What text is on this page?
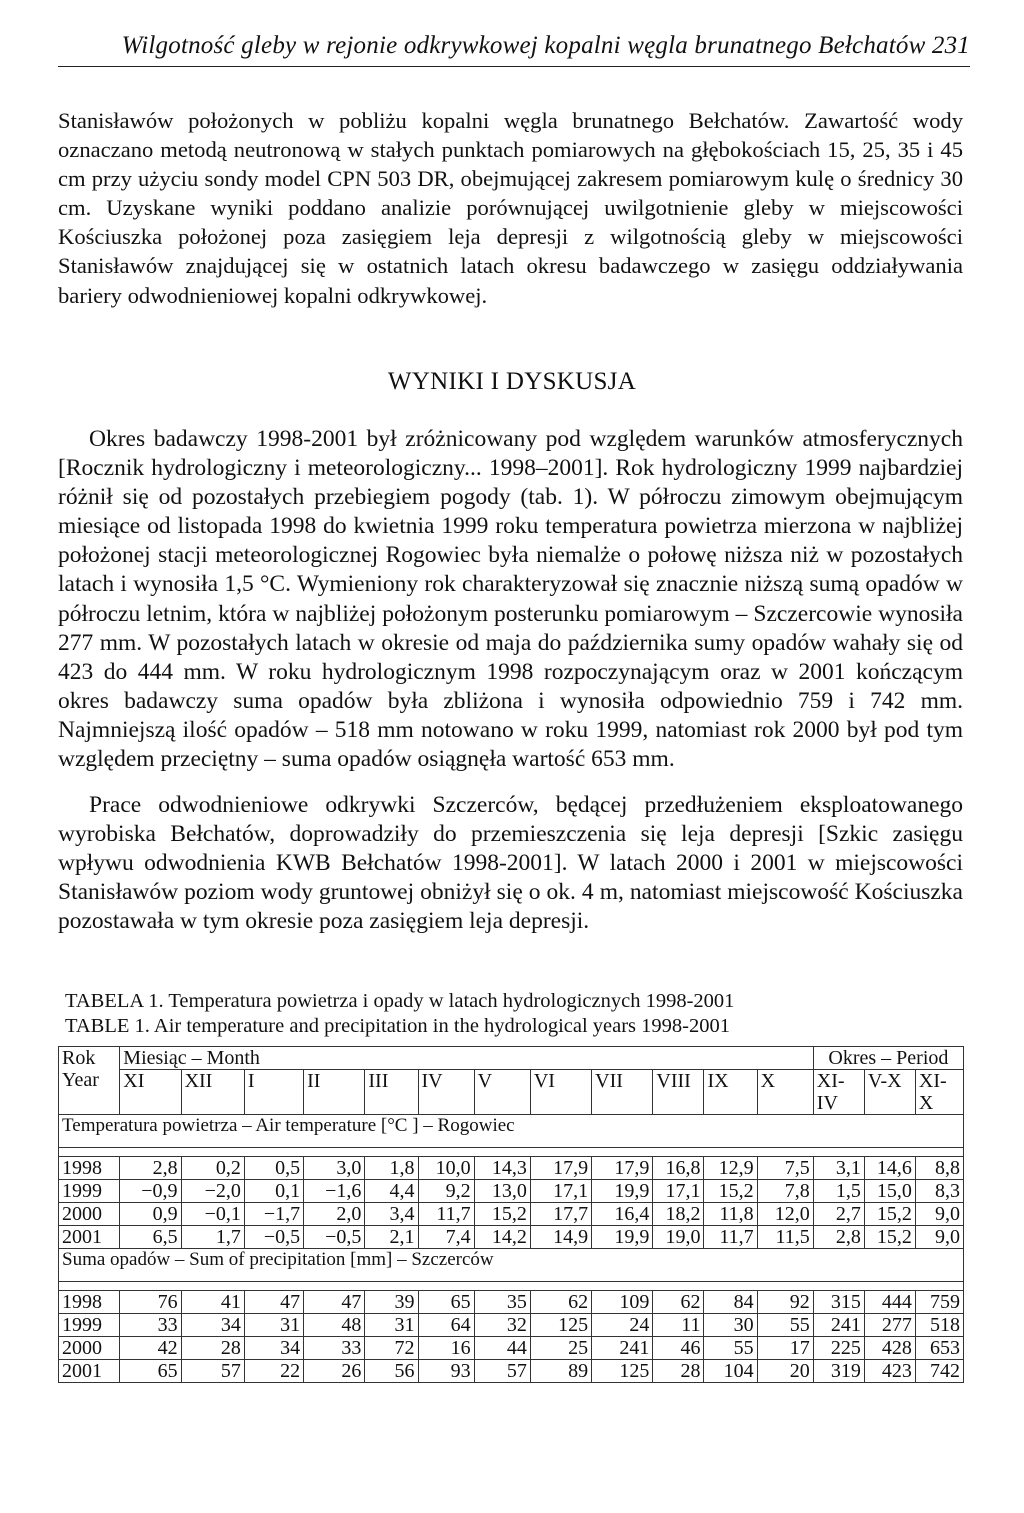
Wilgotność gleby w rejonie odkrywkowej kopalni węgla brunatnego Bełchatów 231

Stanisławów położonych w pobliżu kopalni węgla brunatnego Bełchatów. Zawartość wody oznaczano metodą neutronową w stałych punktach pomiarowych na głębokościach 15, 25, 35 i 45 cm przy użyciu sondy model CPN 503 DR, obejmującej zakresem pomiarowym kulę o średnicy 30 cm. Uzyskane wyniki poddano analizie porównującej uwilgotnienie gleby w miejscowości Kościuszka położonej poza zasięgiem leja depresji z wilgotnością gleby w miejscowości Stanisławów znajdującej się w ostatnich latach okresu badawczego w zasięgu oddziaływania bariery odwodnieniowej kopalni odkrywkowej.

WYNIKI I DYSKUSJA

Okres badawczy 1998-2001 był zróżnicowany pod względem warunków atmosferycznych [Rocznik hydrologiczny i meteorologiczny... 1998–2001]. Rok hydrologiczny 1999 najbardziej różnił się od pozostałych przebiegiem pogody (tab. 1). W półroczu zimowym obejmującym miesiące od listopada 1998 do kwietnia 1999 roku temperatura powietrza mierzona w najbliżej położonej stacji meteorologicznej Rogowiec była niemalże o połowę niższa niż w pozostałych latach i wynosiła 1,5 °C. Wymieniony rok charakteryzował się znacznie niższą sumą opadów w półroczu letnim, która w najbliżej położonym posterunku pomiarowym – Szczercowie wynosiła 277 mm. W pozostałych latach w okresie od maja do października sumy opadów wahały się od 423 do 444 mm. W roku hydrologicznym 1998 rozpoczynającym oraz w 2001 kończącym okres badawczy suma opadów była zbliżona i wynosiła odpowiednio 759 i 742 mm. Najmniejszą ilość opadów – 518 mm notowano w roku 1999, natomiast rok 2000 był pod tym względem przeciętny – suma opadów osiągnęła wartość 653 mm.

Prace odwodnieniowe odkrywki Szczerców, będącej przedłużeniem eksploatowanego wyrobiska Bełchatów, doprowadziły do przemieszczenia się leja depresji [Szkic zasięgu wpływu odwodnienia KWB Bełchatów 1998-2001]. W latach 2000 i 2001 w miejscowości Stanisławów poziom wody gruntowej obniżył się o ok. 4 m, natomiast miejscowość Kościuszka pozostawała w tym okresie poza zasięgiem leja depresji.

TABELA 1. Temperatura powietrza i opady w latach hydrologicznych 1998-2001
TABLE 1. Air temperature and precipitation in the hydrological years 1998-2001
Rok Year	Miesiąc – Month												Okres – Period		
	XI	XII	I	II	III	IV	V	VI	VII	VIII	IX	X	XI-IV	V-X	XI-X
Temperatura powietrza – Air temperature [°C ] – Rogowiec															

1998	2,8	0,2	0,5	3,0	1,8	10,0	14,3	17,9	17,9	16,8	12,9	7,5	3,1	14,6	8,8
1999	−0,9	−2,0	0,1	−1,6	4,4	9,2	13,0	17,1	19,9	17,1	15,2	7,8	1,5	15,0	8,3
2000	0,9	−0,1	−1,7	2,0	3,4	11,7	15,2	17,7	16,4	18,2	11,8	12,0	2,7	15,2	9,0
2001	6,5	1,7	−0,5	−0,5	2,1	7,4	14,2	14,9	19,9	19,0	11,7	11,5	2,8	15,2	9,0
Suma opadów – Sum of precipitation [mm] – Szczerców															

1998	76	41	47	47	39	65	35	62	109	62	84	92	315	444	759
1999	33	34	31	48	31	64	32	125	24	11	30	55	241	277	518
2000	42	28	34	33	72	16	44	25	241	46	55	17	225	428	653
2001	65	57	22	26	56	93	57	89	125	28	104	20	319	423	742
